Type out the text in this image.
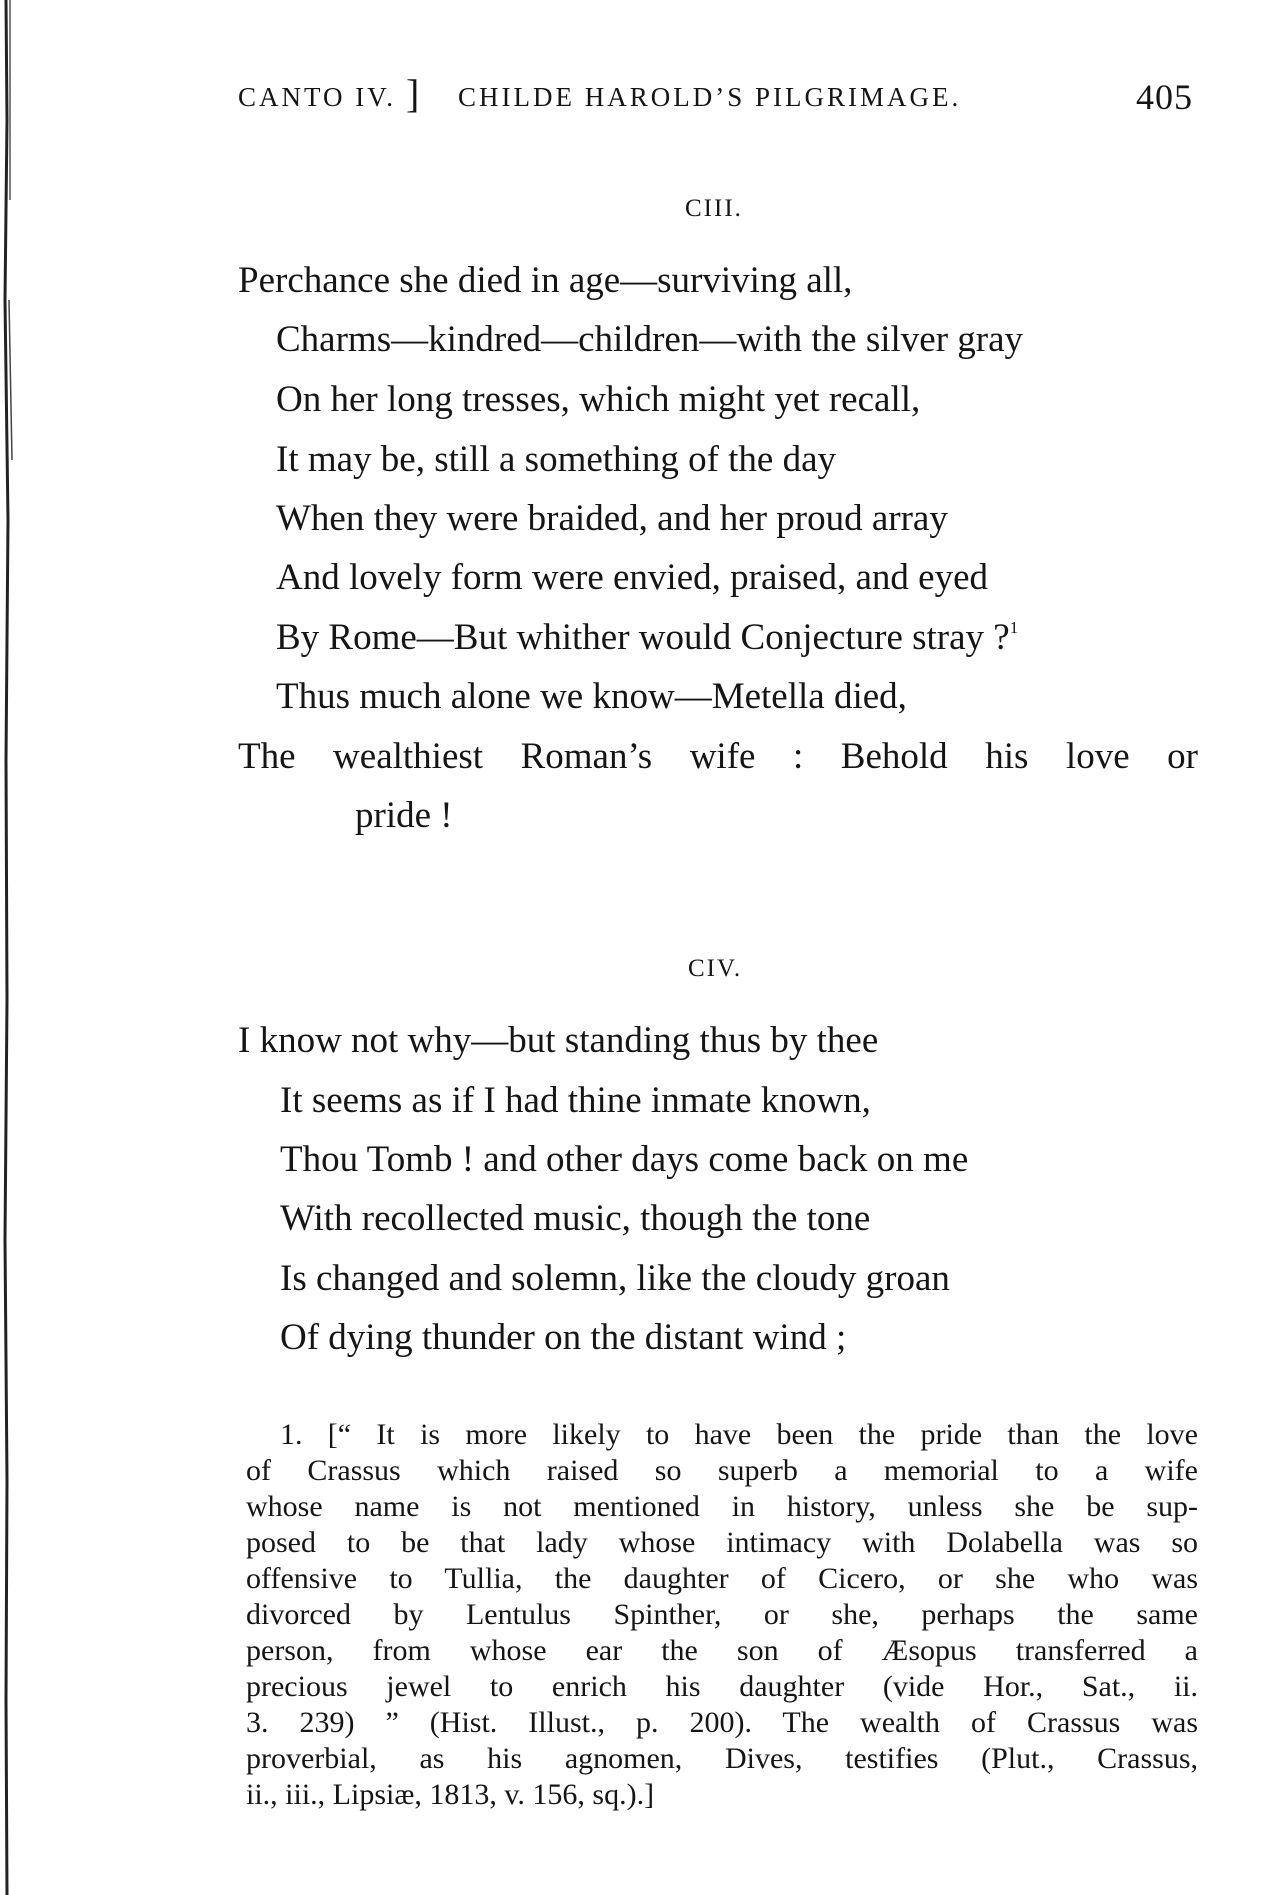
CANTO IV. ] CHILDE HAROLD’S PILGRIMAGE.	405
CIII.
Perchance she died in age—surviving all,
Charms—kindred—children—with the silver gray
On her long tresses, which might yet recall,
It may be, still a something of the day
When they were braided, and her proud array
And lovely form were envied, praised, and eyed
By Rome—But whither would Conjecture stray ?$^1$
Thus much alone we know—Metella died,
The wealthiest Roman’s wife : Behold his love or
pride !
CIV.
I know not why—but standing thus by thee
It seems as if I had thine inmate known,
Thou Tomb ! and other days come back on me
With recollected music, though the tone
Is changed and solemn, like the cloudy groan
Of dying thunder on the distant wind ;
1. [“ It is more likely to have been the pride than the love
of Crassus which raised so superb a memorial to a wife
whose name is not mentioned in history, unless she be sup-
posed to be that lady whose intimacy with Dolabella was so
offensive to Tullia, the daughter of Cicero, or she who was
divorced by Lentulus Spinther, or she, perhaps the same
person, from whose ear the son of Æsopus transferred a
precious jewel to enrich his daughter (vide Hor., Sat., ii.
3. 239) ” (Hist. Illust., p. 200). The wealth of Crassus was
proverbial, as his agnomen, Dives, testifies (Plut., Crassus,
ii., iii., Lipsiæ, 1813, v. 156, sq.).]
